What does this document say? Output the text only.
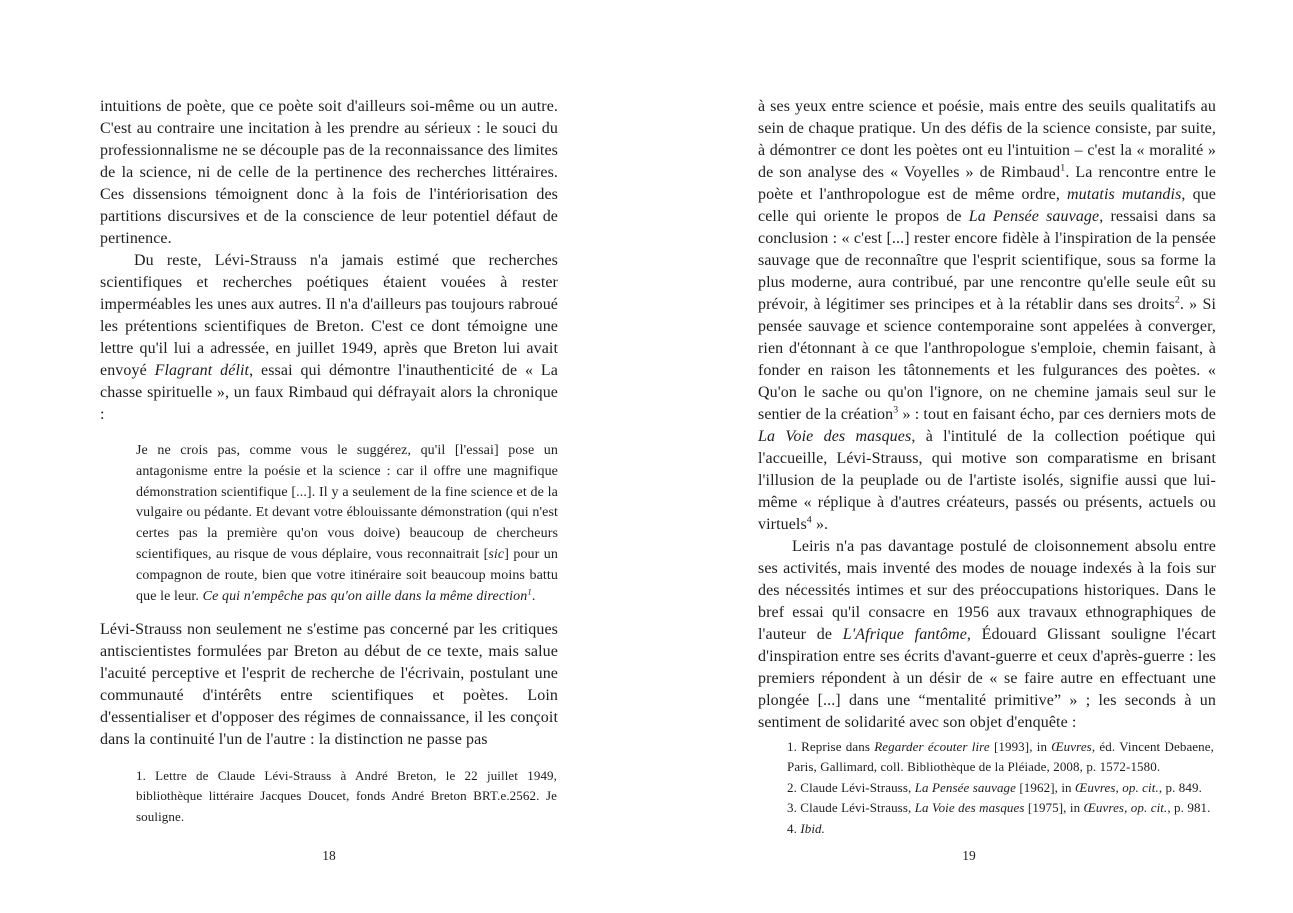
intuitions de poète, que ce poète soit d'ailleurs soi-même ou un autre. C'est au contraire une incitation à les prendre au sérieux : le souci du professionnalisme ne se découple pas de la reconnaissance des limites de la science, ni de celle de la pertinence des recherches littéraires. Ces dissensions témoignent donc à la fois de l'intériorisation des partitions discursives et de la conscience de leur potentiel défaut de pertinence.

Du reste, Lévi-Strauss n'a jamais estimé que recherches scientifiques et recherches poétiques étaient vouées à rester imperméables les unes aux autres. Il n'a d'ailleurs pas toujours rabroué les prétentions scientifiques de Breton. C'est ce dont témoigne une lettre qu'il lui a adressée, en juillet 1949, après que Breton lui avait envoyé Flagrant délit, essai qui démontre l'inauthenticité de « La chasse spirituelle », un faux Rimbaud qui défrayait alors la chronique :

Je ne crois pas, comme vous le suggérez, qu'il [l'essai] pose un antagonisme entre la poésie et la science : car il offre une magnifique démonstration scientifique [...]. Il y a seulement de la fine science et de la vulgaire ou pédante. Et devant votre éblouissante démonstration (qui n'est certes pas la première qu'on vous doive) beaucoup de chercheurs scientifiques, au risque de vous déplaire, vous reconnaitrait [sic] pour un compagnon de route, bien que votre itinéraire soit beaucoup moins battu que le leur. Ce qui n'empêche pas qu'on aille dans la même direction$^1$.

Lévi-Strauss non seulement ne s'estime pas concerné par les critiques antiscientistes formulées par Breton au début de ce texte, mais salue l'acuité perceptive et l'esprit de recherche de l'écrivain, postulant une communauté d'intérêts entre scientifiques et poètes. Loin d'essentialiser et d'opposer des régimes de connaissance, il les conçoit dans la continuité l'un de l'autre : la distinction ne passe pas

1. Lettre de Claude Lévi-Strauss à André Breton, le 22 juillet 1949, bibliothèque littéraire Jacques Doucet, fonds André Breton BRT.e.2562. Je souligne.

18

à ses yeux entre science et poésie, mais entre des seuils qualitatifs au sein de chaque pratique. Un des défis de la science consiste, par suite, à démontrer ce dont les poètes ont eu l'intuition – c'est la « moralité » de son analyse des « Voyelles » de Rimbaud$^1$. La rencontre entre le poète et l'anthropologue est de même ordre, mutatis mutandis, que celle qui oriente le propos de La Pensée sauvage, ressaisi dans sa conclusion : « c'est [...] rester encore fidèle à l'inspiration de la pensée sauvage que de reconnaître que l'esprit scientifique, sous sa forme la plus moderne, aura contribué, par une rencontre qu'elle seule eût su prévoir, à légitimer ses principes et à la rétablir dans ses droits$^2$. » Si pensée sauvage et science contemporaine sont appelées à converger, rien d'étonnant à ce que l'anthropologue s'emploie, chemin faisant, à fonder en raison les tâtonnements et les fulgurances des poètes. « Qu'on le sache ou qu'on l'ignore, on ne chemine jamais seul sur le sentier de la création$^3$ » : tout en faisant écho, par ces derniers mots de La Voie des masques, à l'intitulé de la collection poétique qui l'accueille, Lévi-Strauss, qui motive son comparatisme en brisant l'illusion de la peuplade ou de l'artiste isolés, signifie aussi que lui-même « réplique à d'autres créateurs, passés ou présents, actuels ou virtuels$^4$ ».

Leiris n'a pas davantage postulé de cloisonnement absolu entre ses activités, mais inventé des modes de nouage indexés à la fois sur des nécessités intimes et sur des préoccupations historiques. Dans le bref essai qu'il consacre en 1956 aux travaux ethnographiques de l'auteur de L'Afrique fantôme, Édouard Glissant souligne l'écart d'inspiration entre ses écrits d'avant-guerre et ceux d'après-guerre : les premiers répondent à un désir de « se faire autre en effectuant une plongée [...] dans une “mentalité primitive” » ; les seconds à un sentiment de solidarité avec son objet d'enquête :

1. Reprise dans Regarder écouter lire [1993], in Œuvres, éd. Vincent Debaene, Paris, Gallimard, coll. Bibliothèque de la Pléiade, 2008, p. 1572-1580.

2. Claude Lévi-Strauss, La Pensée sauvage [1962], in Œuvres, op. cit., p. 849.

3. Claude Lévi-Strauss, La Voie des masques [1975], in Œuvres, op. cit., p. 981.

4. Ibid.

19
